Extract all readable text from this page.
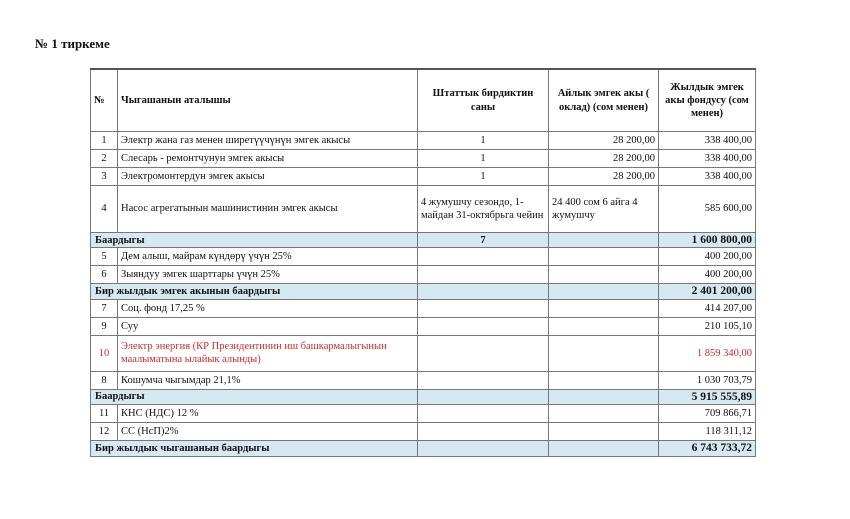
№ 1 тиркеме
№	Чыгашанын аталышы	Штаттык бирдиктин саны	Айлык эмгек акы ( оклад) (сом менен)	Жылдык эмгек акы фондусу (сом менен)
1	Электр жана газ менен ширетүүчүнүн эмгек акысы	1	28 200,00	338 400,00
2	Слесарь - ремонтчунун эмгек акысы	1	28 200,00	338 400,00
3	Электромонтердун эмгек акысы	1	28 200,00	338 400,00
4	Насос агрегатынын машинистинин эмгек акысы	4 жумушчу сезондо, 1-майдан 31-октябрьга чейин	24 400 сом 6 айга 4 жумушчу	585 600,00
Баардыгы	7		1 600 800,00
5	Дем алыш, майрам күндөрү үчүн 25%			400 200,00
6	Зыяндуу эмгек шарттары үчүн 25%			400 200,00
Бир жылдык эмгек акынын баардыгы			2 401 200,00
7	Соц. фонд 17,25 %			414 207,00
9	Суу			210 105,10
10	Электр энергия (КР Президентинин иш башкармалыгынын маалыматына ылайык алынды)			1 859 340,00
8	Кошумча чыгымдар 21,1%			1 030 703,79
Баардыгы			5 915 555,89
11	КНС (НДС) 12 %			709 866,71
12	СС (НсП)2%			118 311,12
Бир жылдык чыгашанын баардыгы			6 743 733,72
